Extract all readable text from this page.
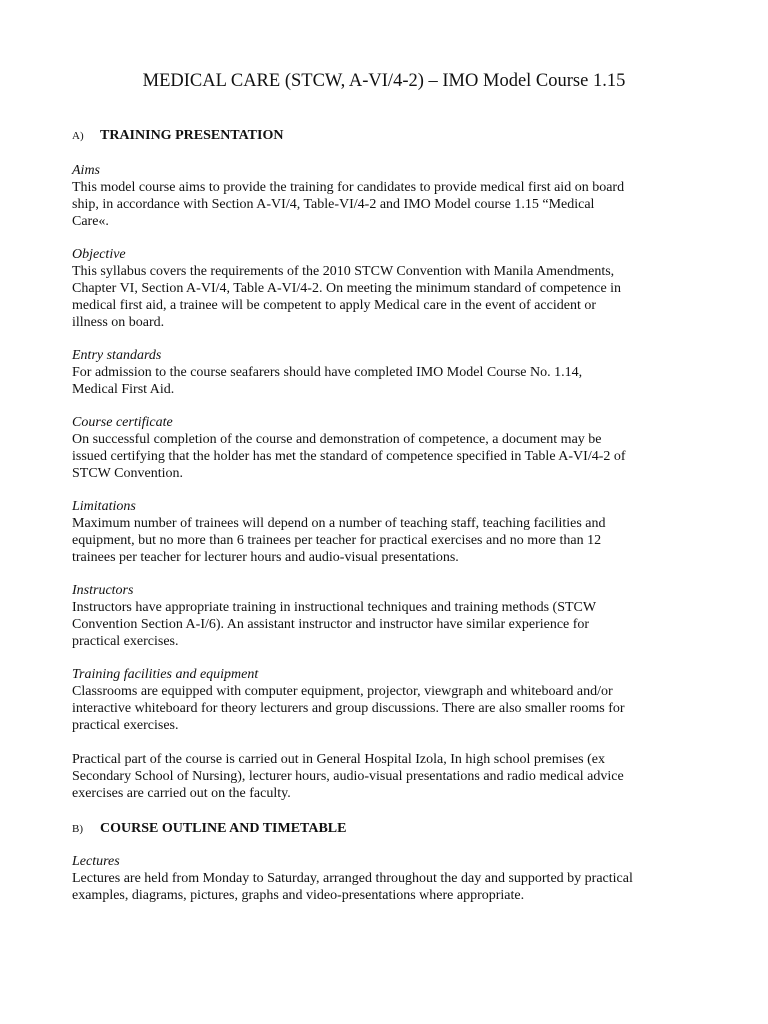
MEDICAL CARE (STCW, A-VI/4-2) – IMO Model Course 1.15
A) TRAINING PRESENTATION
Aims
This model course aims to provide the training for candidates to provide medical first aid on board
ship, in accordance with Section A-VI/4, Table-VI/4-2 and IMO Model course 1.15 “Medical
Care«.
Objective
This syllabus covers the requirements of the 2010 STCW Convention with Manila Amendments,
Chapter VI, Section A-VI/4, Table A-VI/4-2. On meeting the minimum standard of competence in
medical first aid, a trainee will be competent to apply Medical care in the event of accident or
illness on board.
Entry standards
For admission to the course seafarers should have completed IMO Model Course No. 1.14,
Medical First Aid.
Course certificate
On successful completion of the course and demonstration of competence, a document may be
issued certifying that the holder has met the standard of competence specified in Table A-VI/4-2 of
STCW Convention.
Limitations
Maximum number of trainees will depend on a number of teaching staff, teaching facilities and
equipment, but no more than 6 trainees per teacher for practical exercises and no more than 12
trainees per teacher for lecturer hours and audio-visual presentations.
Instructors
Instructors have appropriate training in instructional techniques and training methods (STCW
Convention Section A-I/6). An assistant instructor and instructor have similar experience for
practical exercises.
Training facilities and equipment
Classrooms are equipped with computer equipment, projector, viewgraph and whiteboard and/or
interactive whiteboard for theory lecturers and group discussions. There are also smaller rooms for
practical exercises.
Practical part of the course is carried out in General Hospital Izola, In high school premises (ex
Secondary School of Nursing), lecturer hours, audio-visual presentations and radio medical advice
exercises are carried out on the faculty.
B) COURSE OUTLINE AND TIMETABLE
Lectures
Lectures are held from Monday to Saturday, arranged throughout the day and supported by practical
examples, diagrams, pictures, graphs and video-presentations where appropriate.
